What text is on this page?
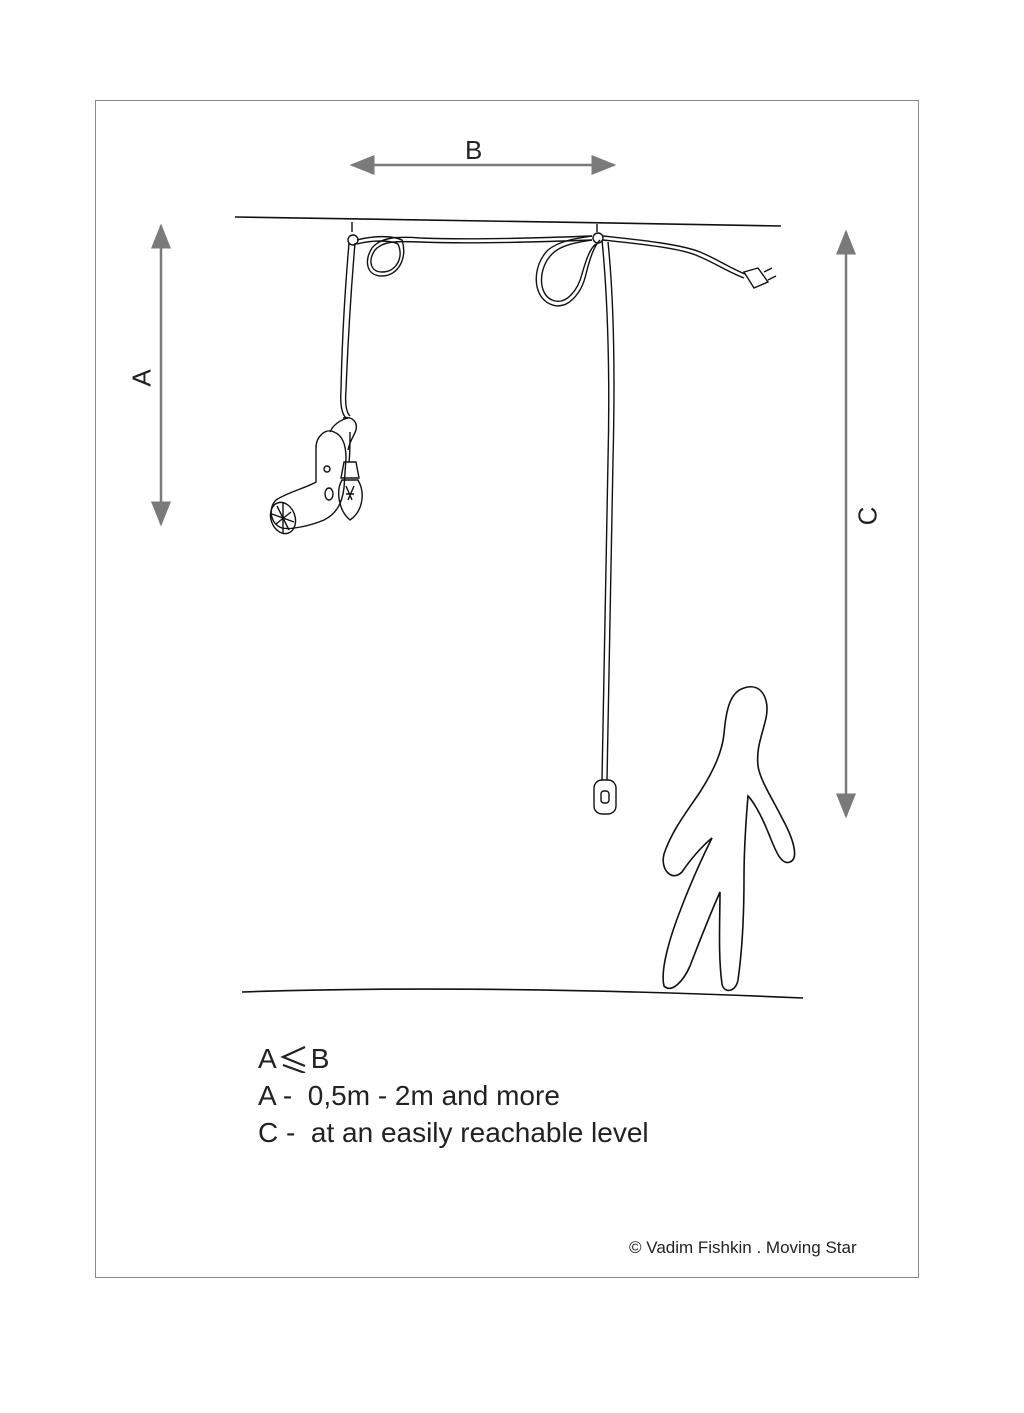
B
A
C
A B
A -  0,5m - 2m and more
C -  at an easily reachable level
© Vadim Fishkin . Moving Star
